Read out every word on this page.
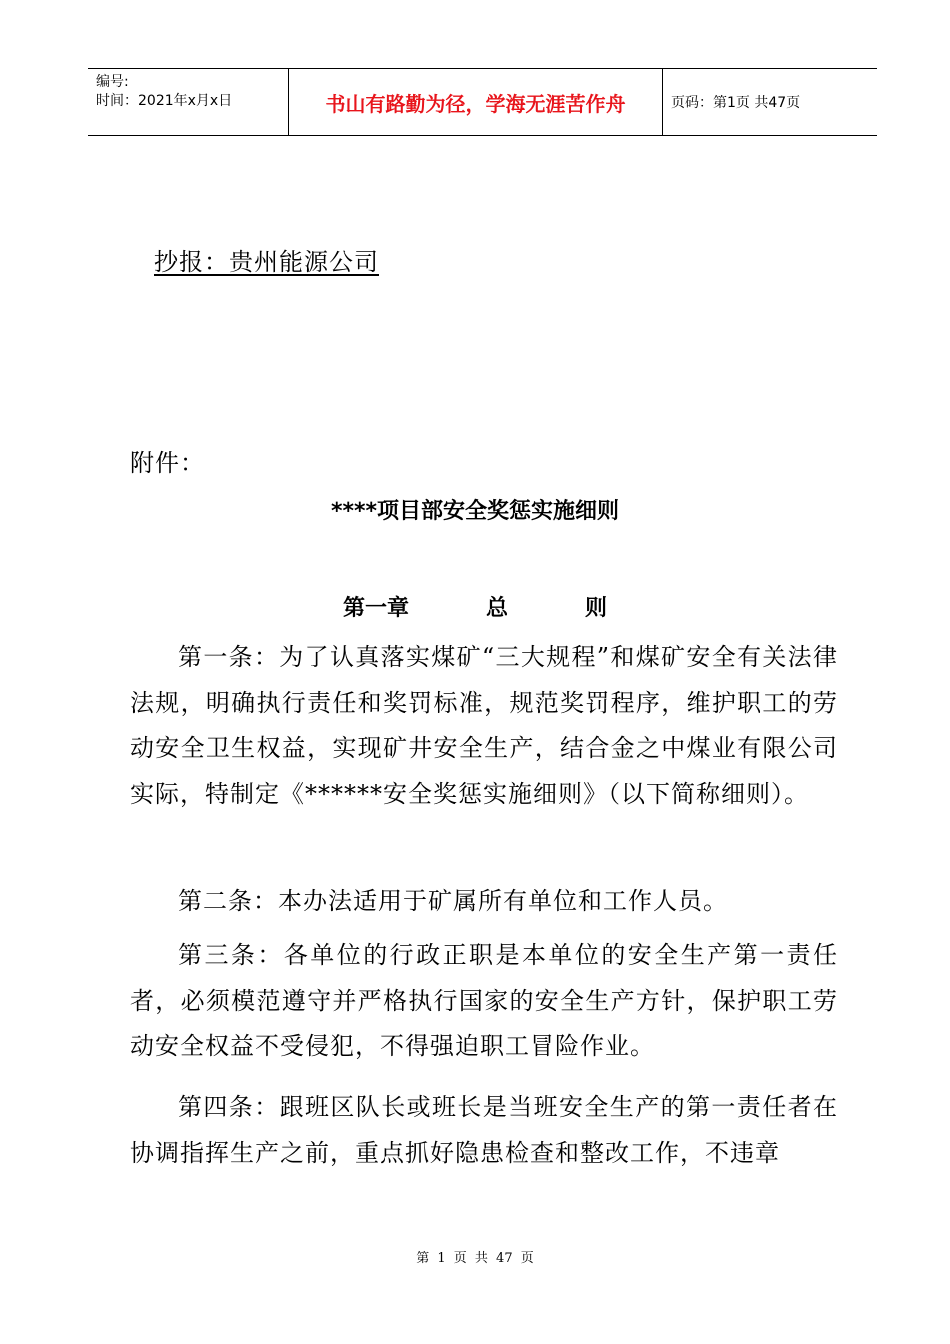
编号:
时间：2021年x月x日	书山有路勤为径，学海无涯苦作舟	页码：第1页 共47页
抄报：贵州能源公司
附件：
****项目部安全奖惩实施细则
第一章   总   则
第一条：为了认真落实煤矿“三大规程”和煤矿安全有关法律法规，明确执行责任和奖罚标准，规范奖罚程序，维护职工的劳动安全卫生权益，实现矿井安全生产，结合金之中煤业有限公司实际，特制定《******安全奖惩实施细则》（以下简称细则）。
第二条：本办法适用于矿属所有单位和工作人员。
第三条：各单位的行政正职是本单位的安全生产第一责任者，必须模范遵守并严格执行国家的安全生产方针，保护职工劳动安全权益不受侵犯，不得强迫职工冒险作业。
第四条：跟班区队长或班长是当班安全生产的第一责任者在协调指挥生产之前，重点抓好隐患检查和整改工作，不违章
第 1 页 共 47 页
